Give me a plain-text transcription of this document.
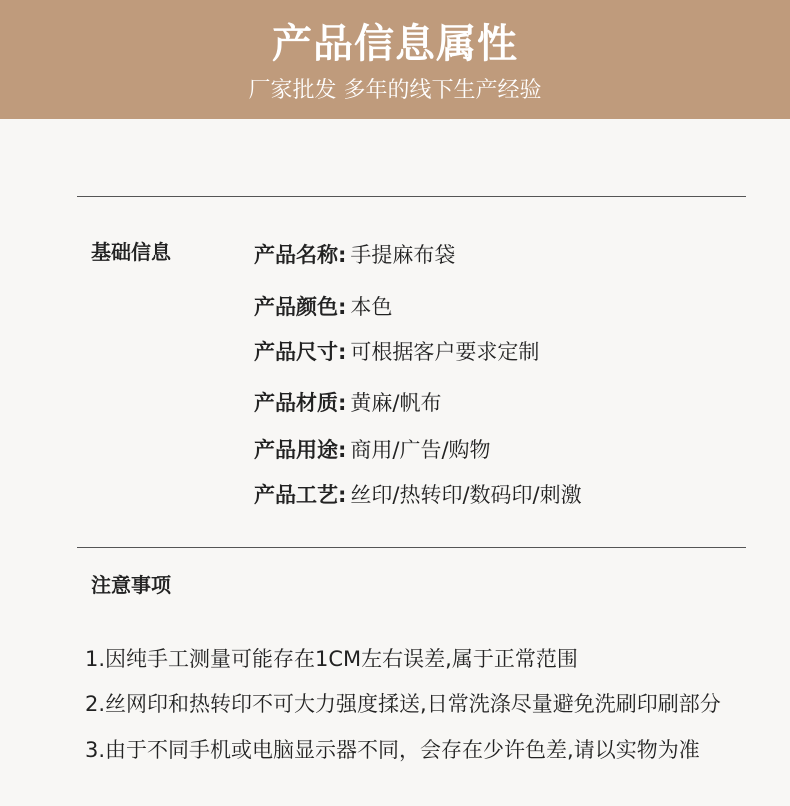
产品信息属性
厂家批发 多年的线下生产经验
基础信息	产品名称: 手提麻布袋
产品颜色: 本色
产品尺寸: 可根据客户要求定制
产品材质: 黄麻/帆布
产品用途: 商用/广告/购物
产品工艺: 丝印/热转印/数码印/刺激
注意事项
1.因纯手工测量可能存在1CM左右误差,属于正常范围
2.丝网印和热转印不可大力强度揉送,日常洗涤尽量避免洗刷印刷部分
3.由于不同手机或电脑显示器不同，会存在少许色差,请以实物为准
